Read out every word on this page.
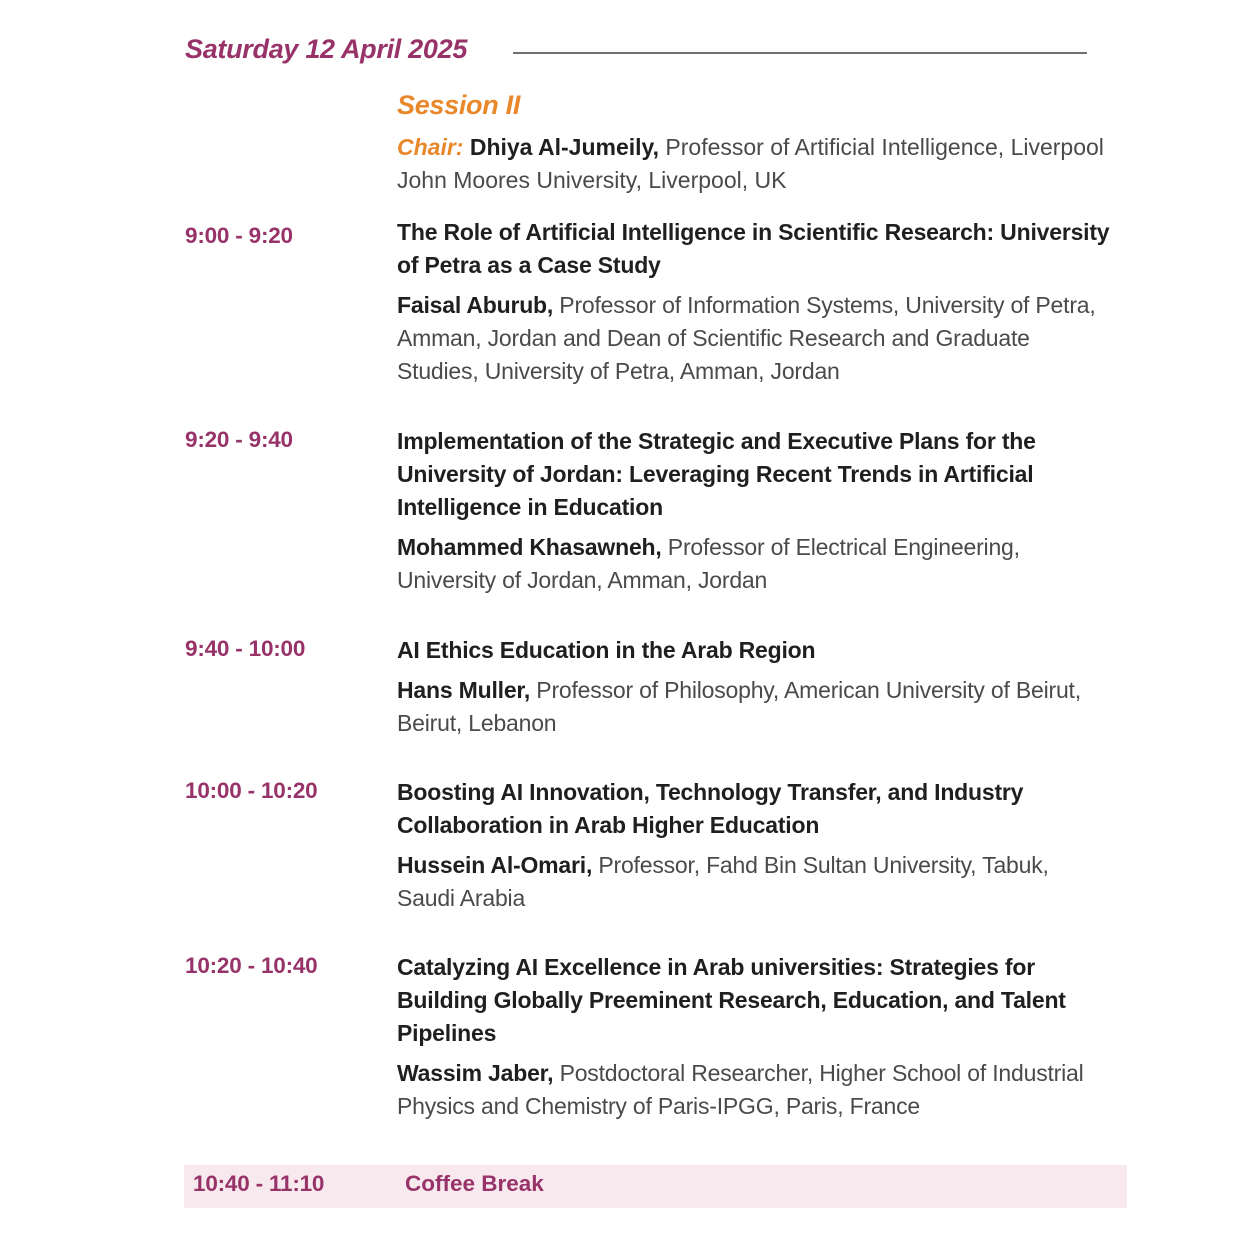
Saturday 12 April 2025
Session II
Chair: Dhiya Al-Jumeily, Professor of Artificial Intelligence, Liverpool John Moores University, Liverpool, UK
9:00 - 9:20	The Role of Artificial Intelligence in Scientific Research: University of Petra as a Case Study
Faisal Aburub, Professor of Information Systems, University of Petra, Amman, Jordan and Dean of Scientific Research and Graduate Studies, University of Petra, Amman, Jordan
9:20 - 9:40	Implementation of the Strategic and Executive Plans for the University of Jordan: Leveraging Recent Trends in Artificial Intelligence in Education
Mohammed Khasawneh, Professor of Electrical Engineering, University of Jordan, Amman, Jordan
9:40 - 10:00	AI Ethics Education in the Arab Region
Hans Muller, Professor of Philosophy, American University of Beirut, Beirut, Lebanon
10:00 - 10:20	Boosting AI Innovation, Technology Transfer, and Industry Collaboration in Arab Higher Education
Hussein Al-Omari, Professor, Fahd Bin Sultan University, Tabuk, Saudi Arabia
10:20 - 10:40	Catalyzing AI Excellence in Arab universities: Strategies for Building Globally Preeminent Research, Education, and Talent Pipelines
Wassim Jaber, Postdoctoral Researcher, Higher School of Industrial Physics and Chemistry of Paris-IPGG, Paris, France
10:40 - 11:10	Coffee Break
